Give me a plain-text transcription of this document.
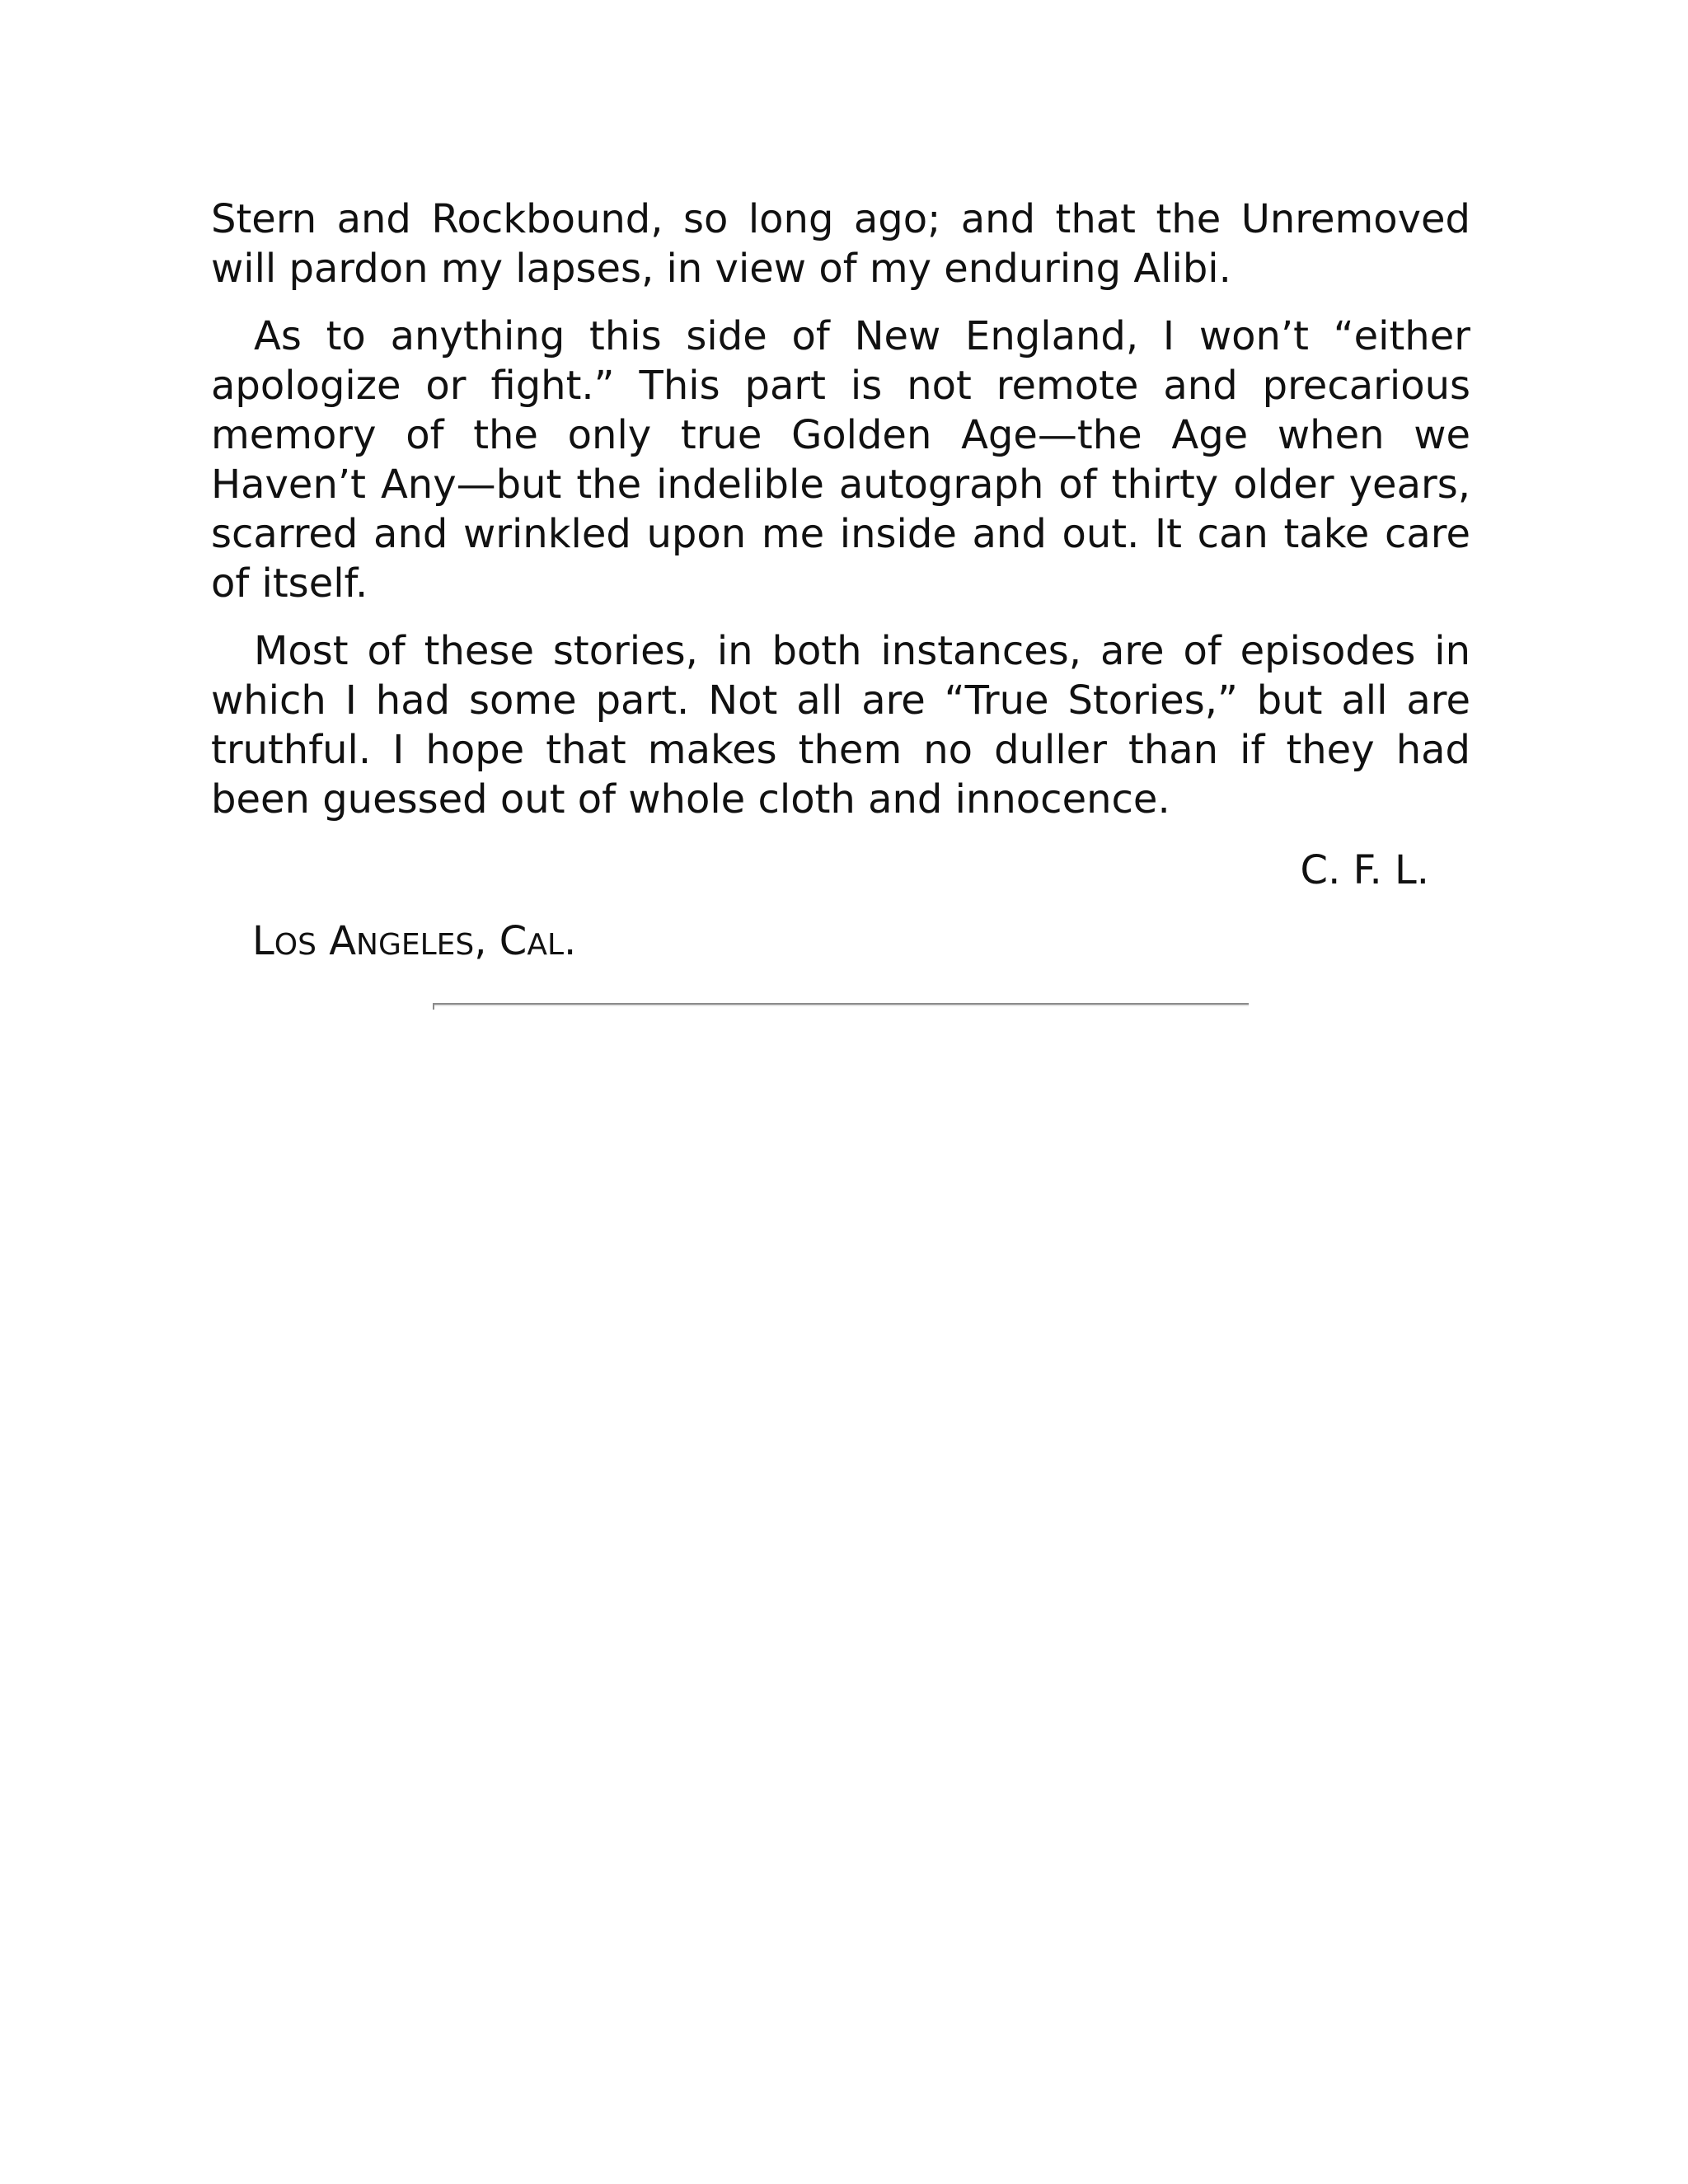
Stern and Rockbound, so long ago; and that the Unremoved will pardon my lapses, in view of my enduring Alibi.

As to anything this side of New England, I won’t “either apologize or fight.” This part is not remote and precarious memory of the only true Golden Age—the Age when we Haven’t Any—but the indelible autograph of thirty older years, scarred and wrinkled upon me inside and out. It can take care of itself.

Most of these stories, in both instances, are of episodes in which I had some part. Not all are “True Stories,” but all are truthful. I hope that makes them no duller than if they had been guessed out of whole cloth and innocence.

C. F. L.
LOS ANGELES, CAL.
